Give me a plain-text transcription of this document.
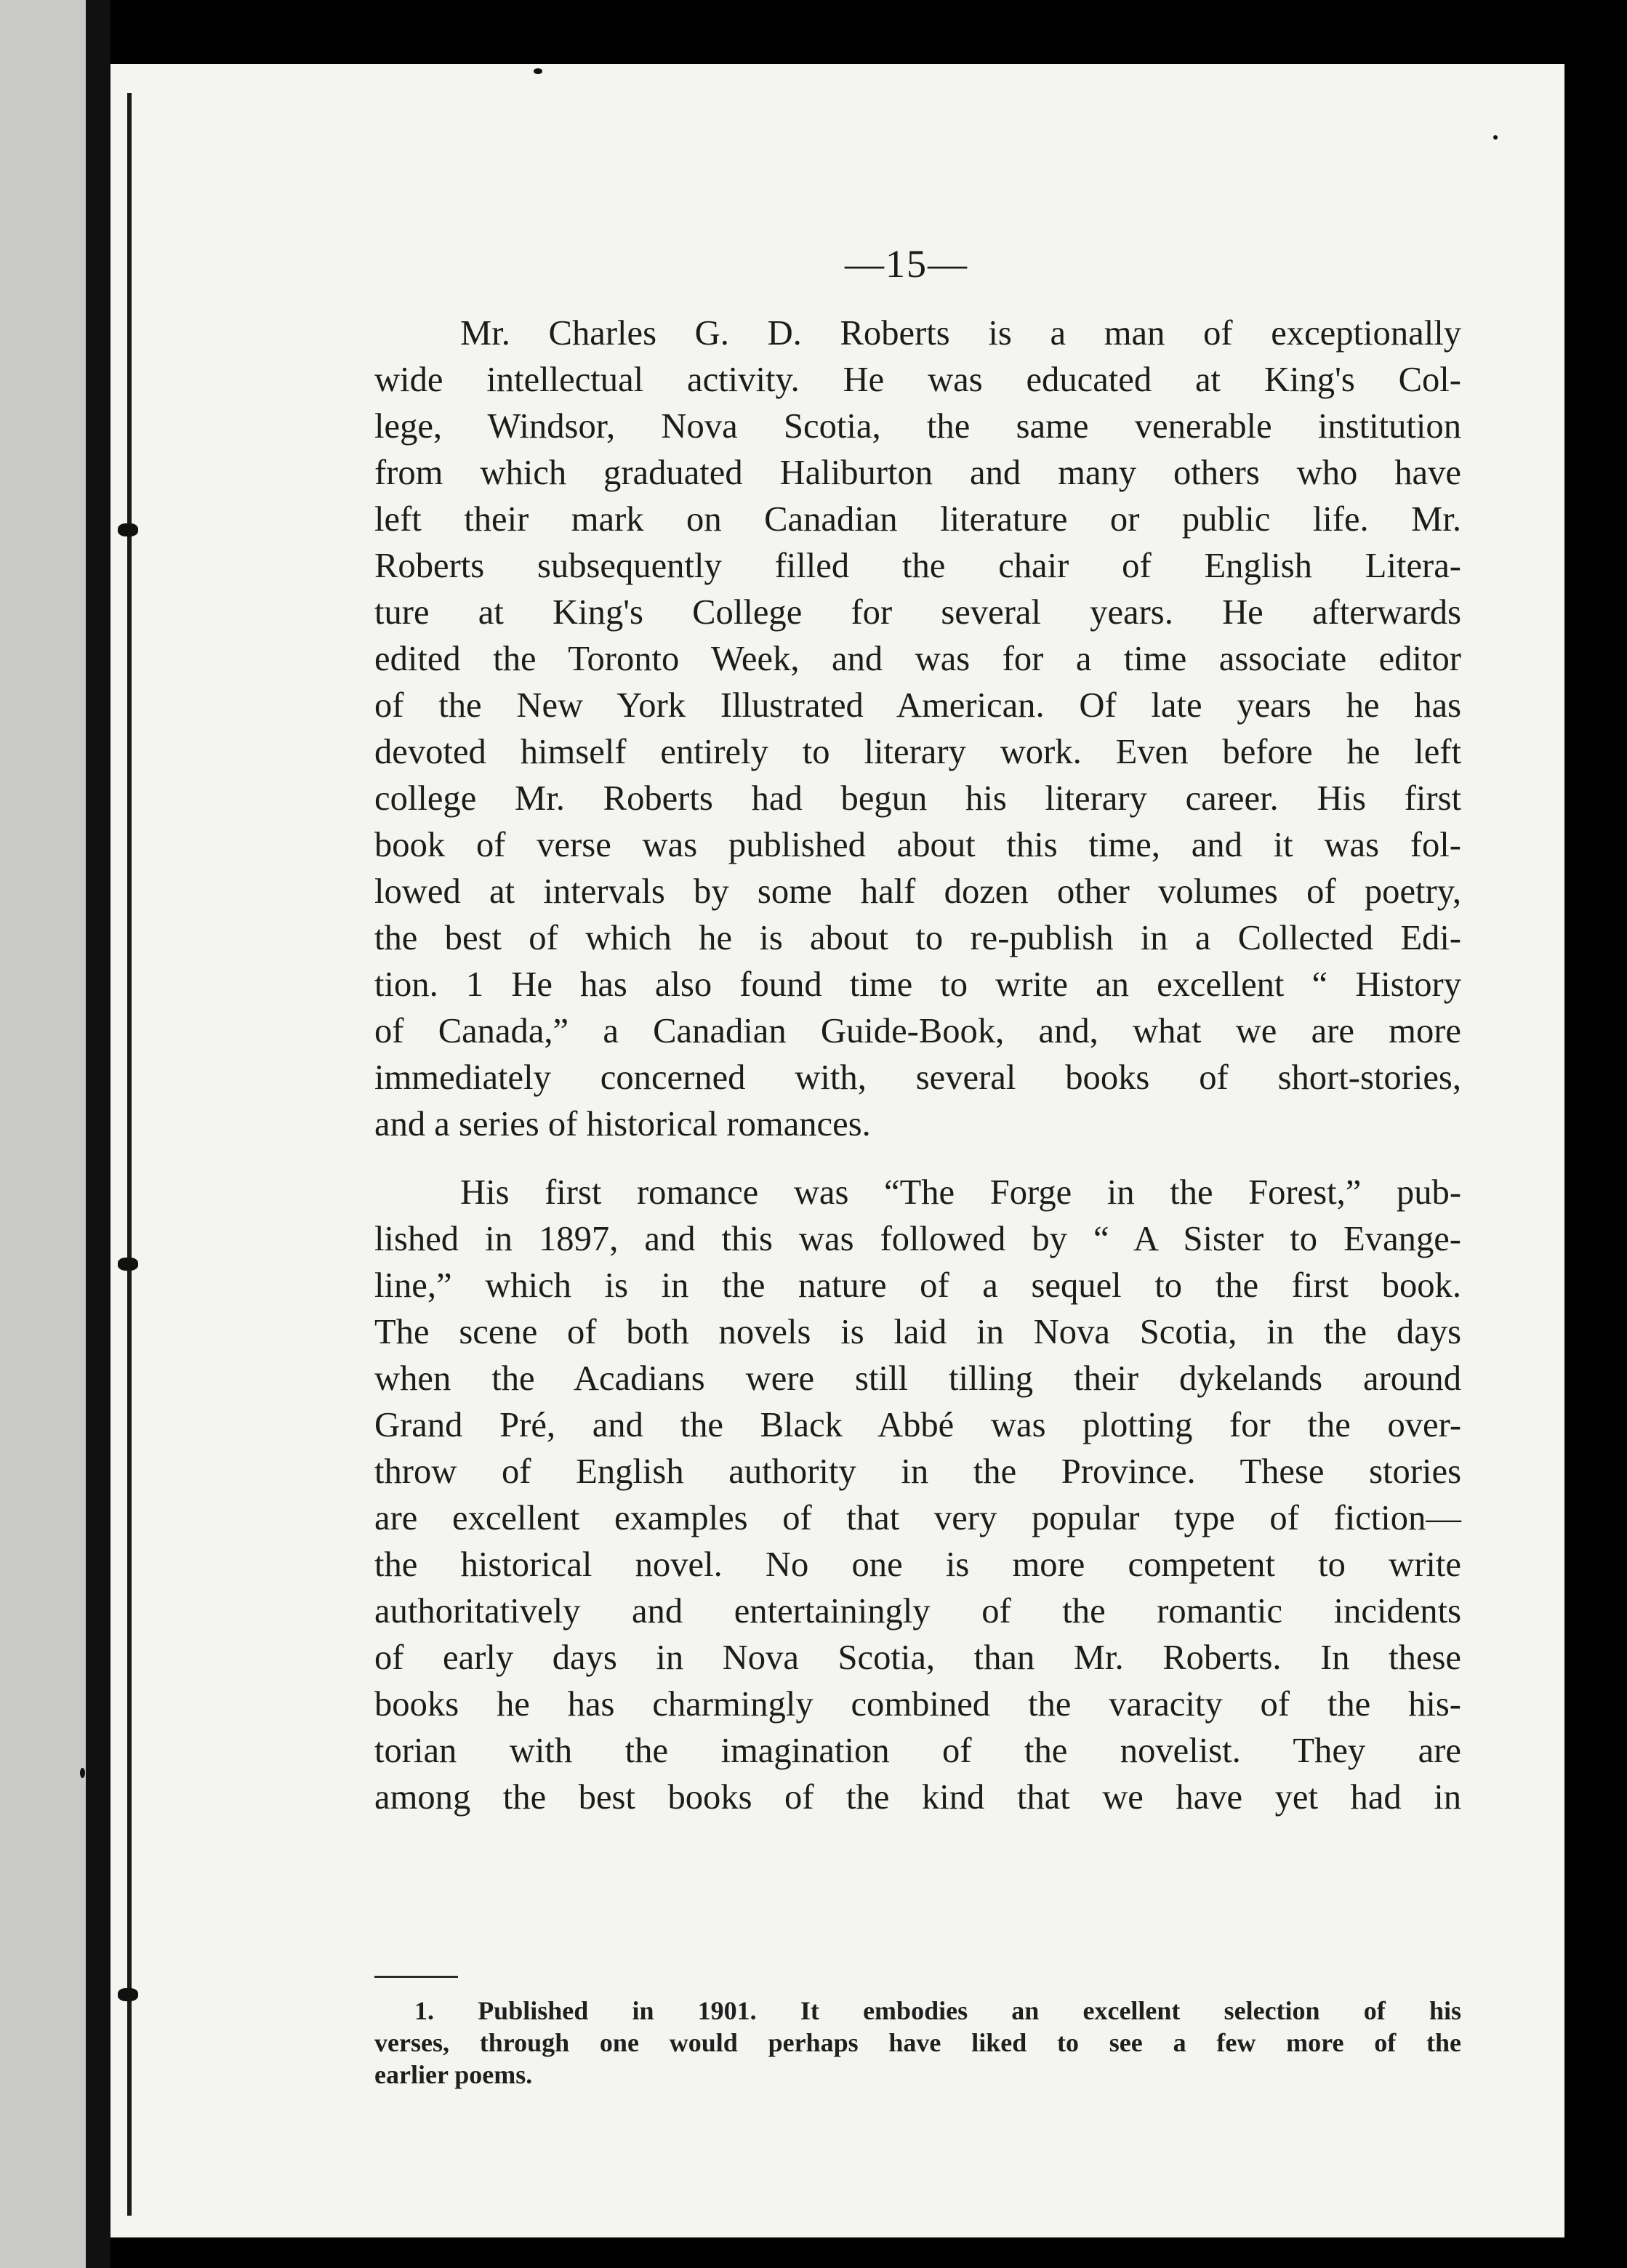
—15—
Mr. Charles G. D. Roberts is a man of exceptionally
wide intellectual activity. He was educated at King's Col-
lege, Windsor, Nova Scotia, the same venerable institution
from which graduated Haliburton and many others who have
left their mark on Canadian literature or public life. Mr.
Roberts subsequently filled the chair of English Litera-
ture at King's College for several years. He afterwards
edited the Toronto Week, and was for a time associate editor
of the New York Illustrated American. Of late years he has
devoted himself entirely to literary work. Even before he left
college Mr. Roberts had begun his literary career. His first
book of verse was published about this time, and it was fol-
lowed at intervals by some half dozen other volumes of poetry,
the best of which he is about to re-publish in a Collected Edi-
tion. 1 He has also found time to write an excellent “ History
of Canada,” a Canadian Guide-Book, and, what we are more
immediately concerned with, several books of short-stories,
and a series of historical romances.
His first romance was “The Forge in the Forest,” pub-
lished in 1897, and this was followed by “ A Sister to Evange-
line,” which is in the nature of a sequel to the first book.
The scene of both novels is laid in Nova Scotia, in the days
when the Acadians were still tilling their dykelands around
Grand Pré, and the Black Abbé was plotting for the over-
throw of English authority in the Province. These stories
are excellent examples of that very popular type of fiction—
the historical novel. No one is more competent to write
authoritatively and entertainingly of the romantic incidents
of early days in Nova Scotia, than Mr. Roberts. In these
books he has charmingly combined the varacity of the his-
torian with the imagination of the novelist. They are
among the best books of the kind that we have yet had in
1. Published in 1901. It embodies an excellent selection of his
verses, through one would perhaps have liked to see a few more of the
earlier poems.
